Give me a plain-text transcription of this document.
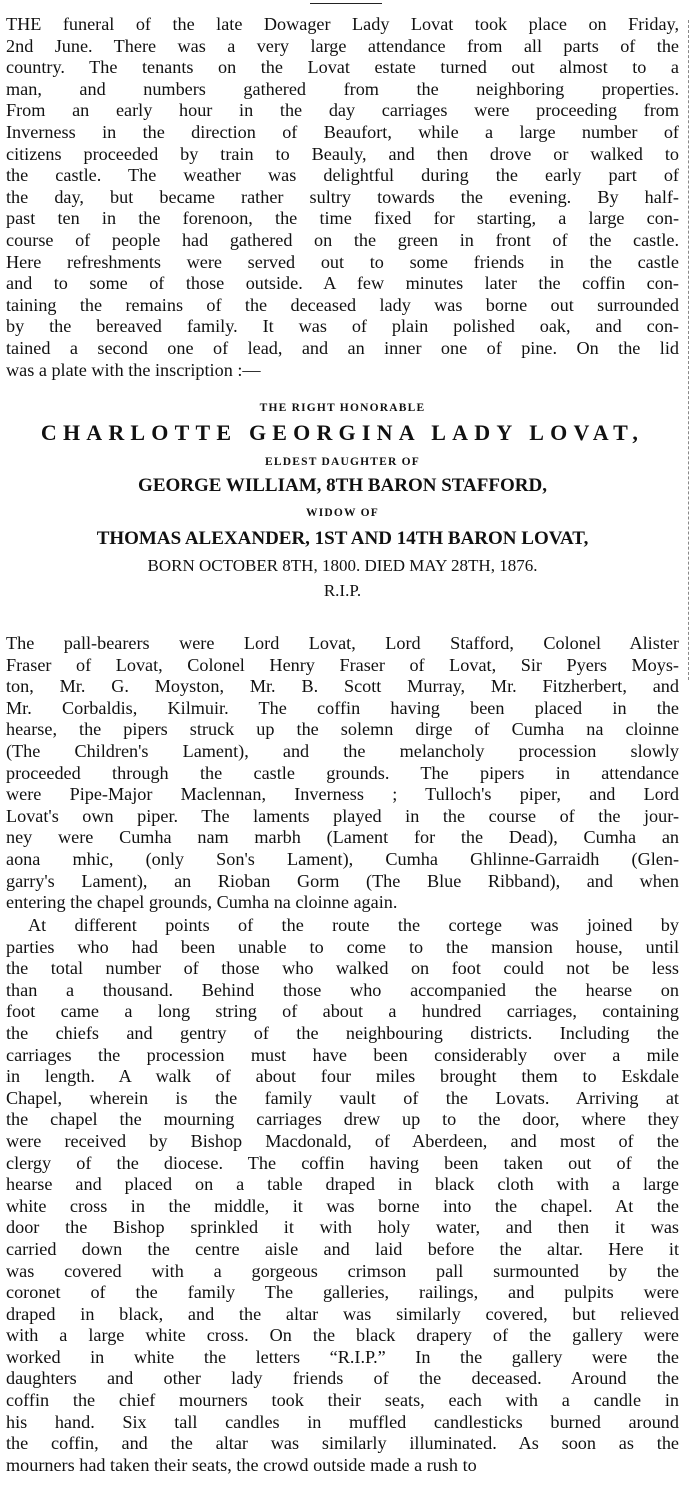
THE funeral of the late Dowager Lady Lovat took place on Friday,
2nd June. There was a very large attendance from all parts of the
country. The tenants on the Lovat estate turned out almost to a
man, and numbers gathered from the neighboring properties.
From an early hour in the day carriages were proceeding from
Inverness in the direction of Beaufort, while a large number of
citizens proceeded by train to Beauly, and then drove or walked to
the castle. The weather was delightful during the early part of
the day, but became rather sultry towards the evening. By half-
past ten in the forenoon, the time fixed for starting, a large con-
course of people had gathered on the green in front of the castle.
Here refreshments were served out to some friends in the castle
and to some of those outside. A few minutes later the coffin con-
taining the remains of the deceased lady was borne out surrounded
by the bereaved family. It was of plain polished oak, and con-
tained a second one of lead, and an inner one of pine. On the lid
was a plate with the inscription :—

THE RIGHT HONORABLE
CHARLOTTE GEORGINA LADY LOVAT,
ELDEST DAUGHTER OF
GEORGE WILLIAM, 8TH BARON STAFFORD,
WIDOW OF
THOMAS ALEXANDER, 1ST AND 14TH BARON LOVAT,
BORN OCTOBER 8TH, 1800. DIED MAY 28TH, 1876.
R.I.P.

The pall-bearers were Lord Lovat, Lord Stafford, Colonel Alister
Fraser of Lovat, Colonel Henry Fraser of Lovat, Sir Pyers Moys-
ton, Mr. G. Moyston, Mr. B. Scott Murray, Mr. Fitzherbert, and
Mr. Corbaldis, Kilmuir. The coffin having been placed in the
hearse, the pipers struck up the solemn dirge of Cumha na cloinne
(The Children's Lament), and the melancholy procession slowly
proceeded through the castle grounds. The pipers in attendance
were Pipe-Major Maclennan, Inverness ; Tulloch's piper, and Lord
Lovat's own piper. The laments played in the course of the jour-
ney were Cumha nam marbh (Lament for the Dead), Cumha an
aona mhic, (only Son's Lament), Cumha Ghlinne-Garraidh (Glen-
garry's Lament), an Rioban Gorm (The Blue Ribband), and when
entering the chapel grounds, Cumha na cloinne again.

At different points of the route the cortege was joined by
parties who had been unable to come to the mansion house, until
the total number of those who walked on foot could not be less
than a thousand. Behind those who accompanied the hearse on
foot came a long string of about a hundred carriages, containing
the chiefs and gentry of the neighbouring districts. Including the
carriages the procession must have been considerably over a mile
in length. A walk of about four miles brought them to Eskdale
Chapel, wherein is the family vault of the Lovats. Arriving at
the chapel the mourning carriages drew up to the door, where they
were received by Bishop Macdonald, of Aberdeen, and most of the
clergy of the diocese. The coffin having been taken out of the
hearse and placed on a table draped in black cloth with a large
white cross in the middle, it was borne into the chapel. At the
door the Bishop sprinkled it with holy water, and then it was
carried down the centre aisle and laid before the altar. Here it
was covered with a gorgeous crimson pall surmounted by the
coronet of the family The galleries, railings, and pulpits were
draped in black, and the altar was similarly covered, but relieved
with a large white cross. On the black drapery of the gallery were
worked in white the letters “R.I.P.” In the gallery were the
daughters and other lady friends of the deceased. Around the
coffin the chief mourners took their seats, each with a candle in
his hand. Six tall candles in muffled candlesticks burned around
the coffin, and the altar was similarly illuminated. As soon as the
mourners had taken their seats, the crowd outside made a rush to
